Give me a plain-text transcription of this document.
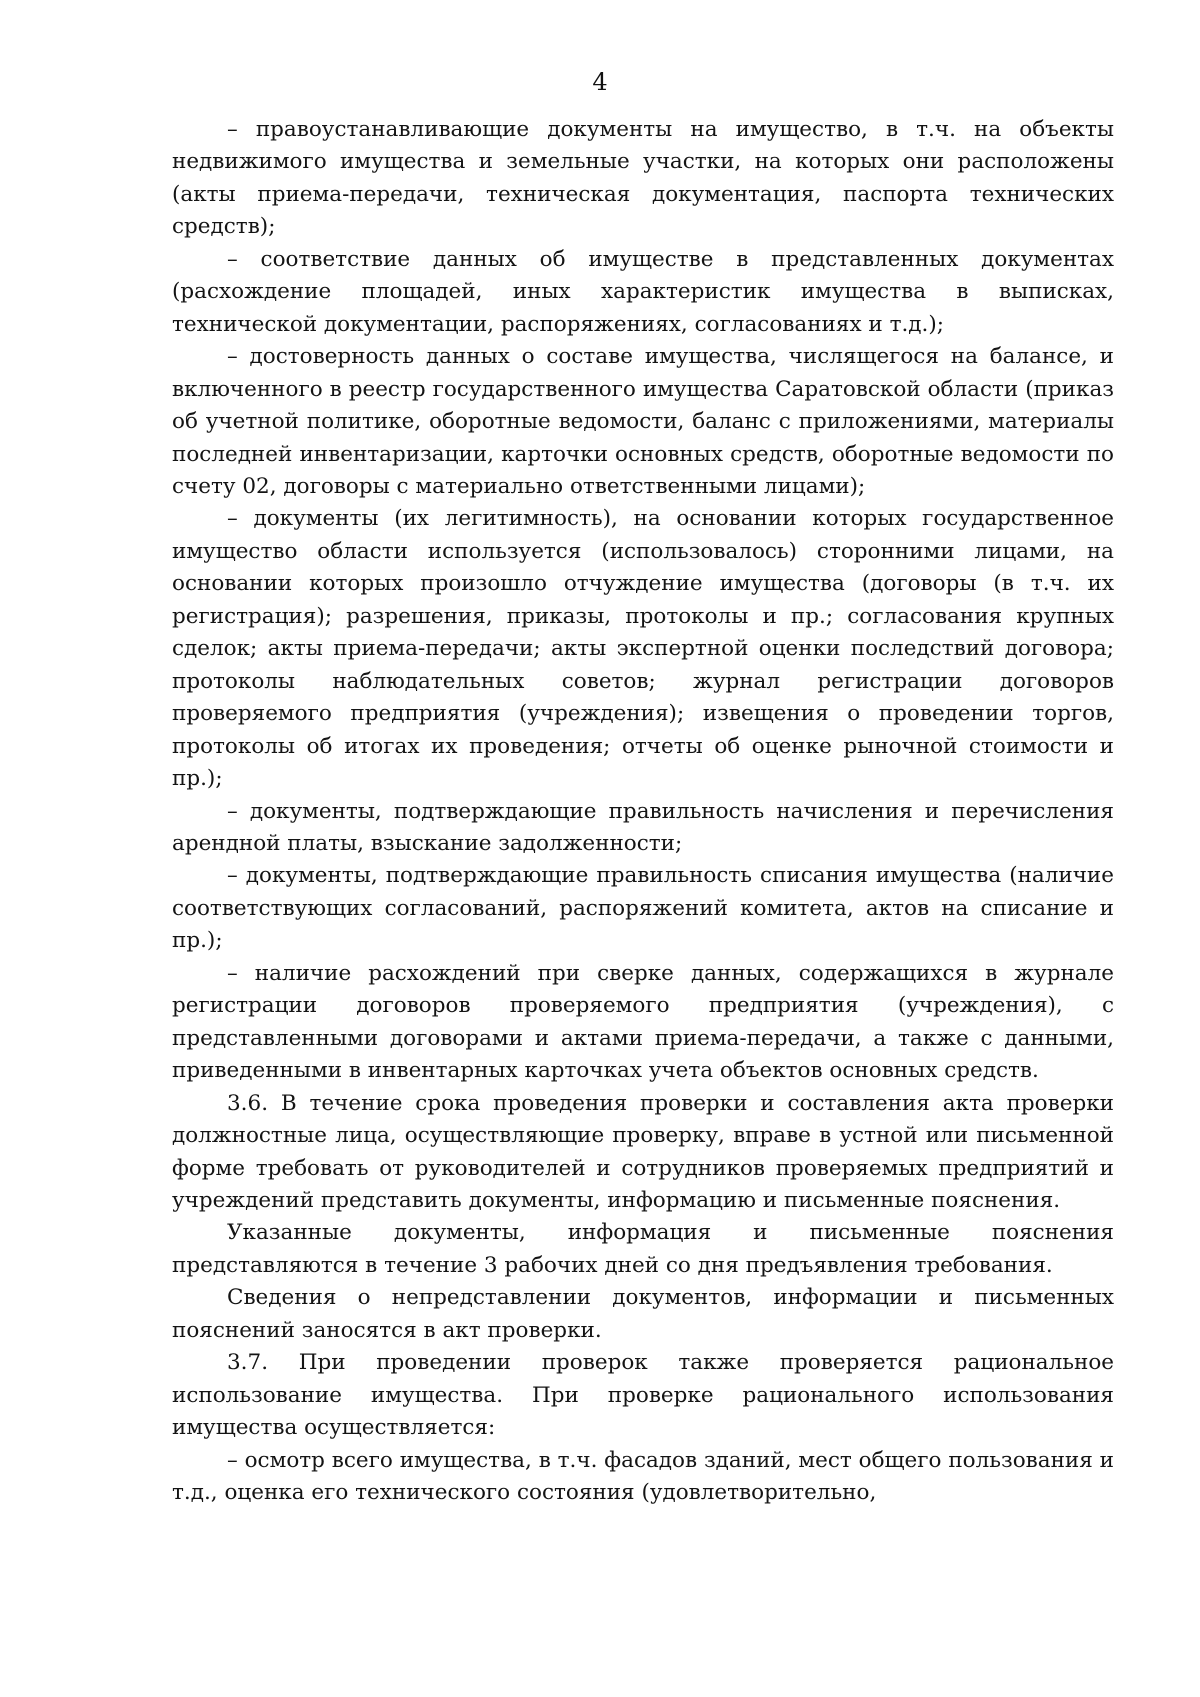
4

– правоустанавливающие документы на имущество, в т.ч. на объекты недвижимого имущества и земельные участки, на которых они расположены (акты приема-передачи, техническая документация, паспорта технических средств);

– соответствие данных об имуществе в представленных документах (расхождение площадей, иных характеристик имущества в выписках, технической документации, распоряжениях, согласованиях и т.д.);

– достоверность данных о составе имущества, числящегося на балансе, и включенного в реестр государственного имущества Саратовской области (приказ об учетной политике, оборотные ведомости, баланс с приложениями, материалы последней инвентаризации, карточки основных средств, оборотные ведомости по счету 02, договоры с материально ответственными лицами);

– документы (их легитимность), на основании которых государственное имущество области используется (использовалось) сторонними лицами, на основании которых произошло отчуждение имущества (договоры (в т.ч. их регистрация); разрешения, приказы, протоколы и пр.; согласования крупных сделок; акты приема-передачи; акты экспертной оценки последствий договора; протоколы наблюдательных советов; журнал регистрации договоров проверяемого предприятия (учреждения); извещения о проведении торгов, протоколы об итогах их проведения; отчеты об оценке рыночной стоимости и пр.);

– документы, подтверждающие правильность начисления и перечисления арендной платы, взыскание задолженности;

– документы, подтверждающие правильность списания имущества (наличие соответствующих согласований, распоряжений комитета, актов на списание и пр.);

– наличие расхождений при сверке данных, содержащихся в журнале регистрации договоров проверяемого предприятия (учреждения), с представленными договорами и актами приема-передачи, а также с данными, приведенными в инвентарных карточках учета объектов основных средств.

3.6. В течение срока проведения проверки и составления акта проверки должностные лица, осуществляющие проверку, вправе в устной или письменной форме требовать от руководителей и сотрудников проверяемых предприятий и учреждений представить документы, информацию и письменные пояснения.

Указанные документы, информация и письменные пояснения представляются в течение 3 рабочих дней со дня предъявления требования.

Сведения о непредставлении документов, информации и письменных пояснений заносятся в акт проверки.

3.7. При проведении проверок также проверяется рациональное использование имущества. При проверке рационального использования имущества осуществляется:

– осмотр всего имущества, в т.ч. фасадов зданий, мест общего пользования и т.д., оценка его технического состояния (удовлетворительно,
